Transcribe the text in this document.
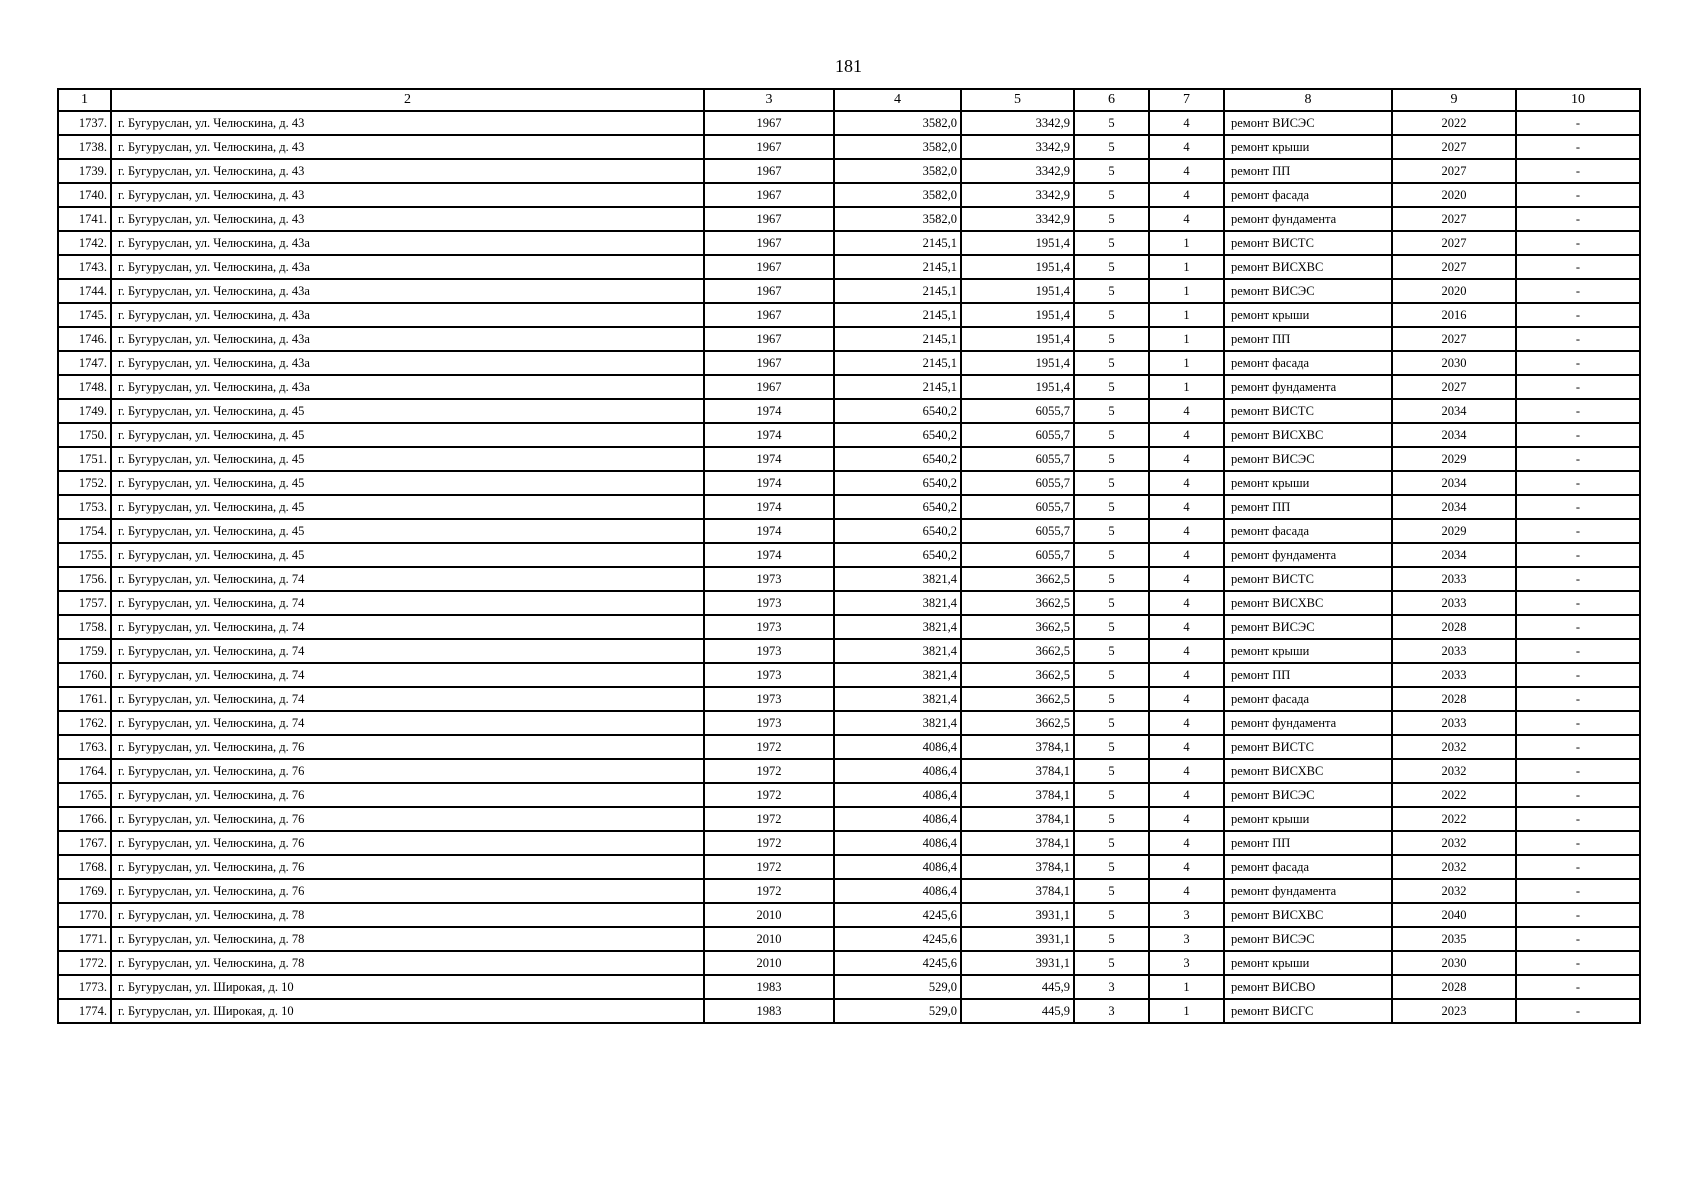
181
1	2	3	4	5	6	7	8	9	10
1737.	г. Бугуруслан, ул. Челюскина, д. 43	1967	3582,0	3342,9	5	4	ремонт ВИСЭС	2022	-
1738.	г. Бугуруслан, ул. Челюскина, д. 43	1967	3582,0	3342,9	5	4	ремонт крыши	2027	-
1739.	г. Бугуруслан, ул. Челюскина, д. 43	1967	3582,0	3342,9	5	4	ремонт ПП	2027	-
1740.	г. Бугуруслан, ул. Челюскина, д. 43	1967	3582,0	3342,9	5	4	ремонт фасада	2020	-
1741.	г. Бугуруслан, ул. Челюскина, д. 43	1967	3582,0	3342,9	5	4	ремонт фундамента	2027	-
1742.	г. Бугуруслан, ул. Челюскина, д. 43а	1967	2145,1	1951,4	5	1	ремонт ВИСТС	2027	-
1743.	г. Бугуруслан, ул. Челюскина, д. 43а	1967	2145,1	1951,4	5	1	ремонт ВИСХВС	2027	-
1744.	г. Бугуруслан, ул. Челюскина, д. 43а	1967	2145,1	1951,4	5	1	ремонт ВИСЭС	2020	-
1745.	г. Бугуруслан, ул. Челюскина, д. 43а	1967	2145,1	1951,4	5	1	ремонт крыши	2016	-
1746.	г. Бугуруслан, ул. Челюскина, д. 43а	1967	2145,1	1951,4	5	1	ремонт ПП	2027	-
1747.	г. Бугуруслан, ул. Челюскина, д. 43а	1967	2145,1	1951,4	5	1	ремонт фасада	2030	-
1748.	г. Бугуруслан, ул. Челюскина, д. 43а	1967	2145,1	1951,4	5	1	ремонт фундамента	2027	-
1749.	г. Бугуруслан, ул. Челюскина, д. 45	1974	6540,2	6055,7	5	4	ремонт ВИСТС	2034	-
1750.	г. Бугуруслан, ул. Челюскина, д. 45	1974	6540,2	6055,7	5	4	ремонт ВИСХВС	2034	-
1751.	г. Бугуруслан, ул. Челюскина, д. 45	1974	6540,2	6055,7	5	4	ремонт ВИСЭС	2029	-
1752.	г. Бугуруслан, ул. Челюскина, д. 45	1974	6540,2	6055,7	5	4	ремонт крыши	2034	-
1753.	г. Бугуруслан, ул. Челюскина, д. 45	1974	6540,2	6055,7	5	4	ремонт ПП	2034	-
1754.	г. Бугуруслан, ул. Челюскина, д. 45	1974	6540,2	6055,7	5	4	ремонт фасада	2029	-
1755.	г. Бугуруслан, ул. Челюскина, д. 45	1974	6540,2	6055,7	5	4	ремонт фундамента	2034	-
1756.	г. Бугуруслан, ул. Челюскина, д. 74	1973	3821,4	3662,5	5	4	ремонт ВИСТС	2033	-
1757.	г. Бугуруслан, ул. Челюскина, д. 74	1973	3821,4	3662,5	5	4	ремонт ВИСХВС	2033	-
1758.	г. Бугуруслан, ул. Челюскина, д. 74	1973	3821,4	3662,5	5	4	ремонт ВИСЭС	2028	-
1759.	г. Бугуруслан, ул. Челюскина, д. 74	1973	3821,4	3662,5	5	4	ремонт крыши	2033	-
1760.	г. Бугуруслан, ул. Челюскина, д. 74	1973	3821,4	3662,5	5	4	ремонт ПП	2033	-
1761.	г. Бугуруслан, ул. Челюскина, д. 74	1973	3821,4	3662,5	5	4	ремонт фасада	2028	-
1762.	г. Бугуруслан, ул. Челюскина, д. 74	1973	3821,4	3662,5	5	4	ремонт фундамента	2033	-
1763.	г. Бугуруслан, ул. Челюскина, д. 76	1972	4086,4	3784,1	5	4	ремонт ВИСТС	2032	-
1764.	г. Бугуруслан, ул. Челюскина, д. 76	1972	4086,4	3784,1	5	4	ремонт ВИСХВС	2032	-
1765.	г. Бугуруслан, ул. Челюскина, д. 76	1972	4086,4	3784,1	5	4	ремонт ВИСЭС	2022	-
1766.	г. Бугуруслан, ул. Челюскина, д. 76	1972	4086,4	3784,1	5	4	ремонт крыши	2022	-
1767.	г. Бугуруслан, ул. Челюскина, д. 76	1972	4086,4	3784,1	5	4	ремонт ПП	2032	-
1768.	г. Бугуруслан, ул. Челюскина, д. 76	1972	4086,4	3784,1	5	4	ремонт фасада	2032	-
1769.	г. Бугуруслан, ул. Челюскина, д. 76	1972	4086,4	3784,1	5	4	ремонт фундамента	2032	-
1770.	г. Бугуруслан, ул. Челюскина, д. 78	2010	4245,6	3931,1	5	3	ремонт ВИСХВС	2040	-
1771.	г. Бугуруслан, ул. Челюскина, д. 78	2010	4245,6	3931,1	5	3	ремонт ВИСЭС	2035	-
1772.	г. Бугуруслан, ул. Челюскина, д. 78	2010	4245,6	3931,1	5	3	ремонт крыши	2030	-
1773.	г. Бугуруслан, ул. Широкая, д. 10	1983	529,0	445,9	3	1	ремонт ВИСВО	2028	-
1774.	г. Бугуруслан, ул. Широкая, д. 10	1983	529,0	445,9	3	1	ремонт ВИСГС	2023	-
